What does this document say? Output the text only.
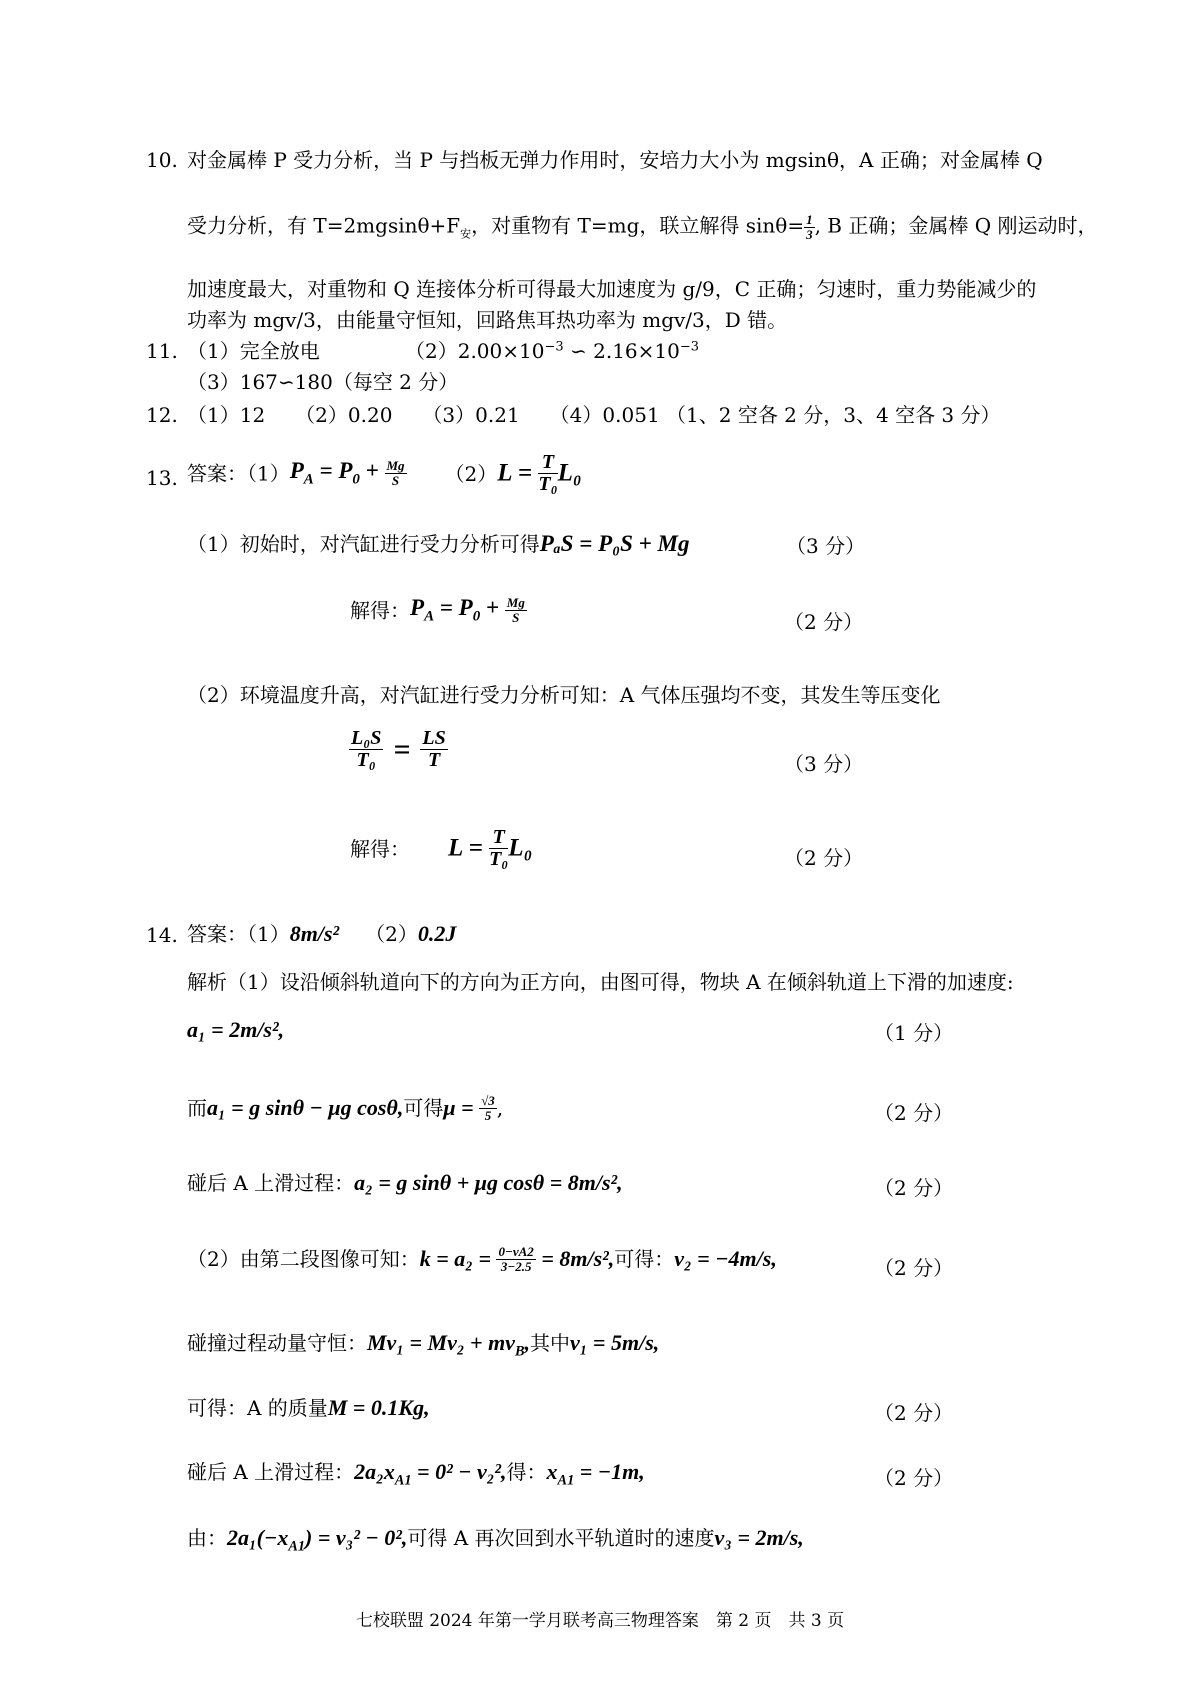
10. 对金属棒 P 受力分析，当 P 与挡板无弹力作用时，安培力大小为 mgsinθ，A 正确；对金属棒 Q
受力分析，有 $T=2mgsin\theta+F_安$，对重物有 T=mg，联立解得 $\sin\theta= \frac{1}{3}$ , B 正确；金属棒 Q 刚运动时，
加速度最大，对重物和 Q 连接体分析可得最大加速度为 g/9，C 正确；匀速时，重力势能减少的
功率为 mgv/3，由能量守恒知，回路焦耳热功率为 mgv/3，D 错。
11. （1）完全放电	$(2)2.00\times 10^{-3}$ ∽ $2.16\times 10^{-3}$
（3）167∽180（每空 2 分）
12. （1）12　　（2）0.20　　（3）0.21　　（4）0.051 （1、2 空各 2 分，3、4 空各 3 分）
13. 答案：$(1)P_A = P_0 + \frac{Mg}{S} (2)L = \frac{T}{\text{T₀}} L_0$
（1）初始时，对汽缸进行受力分析可得PₐS = P₀S + Mg	（3 分）
解得：$P_A = P_0 + \frac{Mg}{S}$	（2 分）
（2）环境温度升高，对汽缸进行受力分析可知：A 气体压强均不变，其发生等压变化
$\frac{\text{L₀S}}{\text{T₀}} = \frac{LS}{T}$	（3 分）
解得： $L = \frac{T}{\text{T₀}} L_0$	（2 分）
14. 答案：（1）8m/s² （2）0.2J
解析（1）设沿倾斜轨道向下的方向为正方向，由图可得，物块 A 在倾斜轨道上下滑的加速度:
a₁ = 2m/s²,	（1 分）
而a₁ = g sinθ − μg cosθ,可得$\mu = \frac{√3}{5}$ ,	（2 分）
碰后 A 上滑过程：a₂ = g sinθ + μg cosθ = 8m/s²,	（2 分）
（2）由第二段图像可知：$k = a_2 = \frac{0-vA2}{3-2.5} = 8m/s^2$,可得：v₂ = −4m/s,	（2 分）
碰撞过程动量守恒：$Mv_1 = Mv_2 + mv_B$,其中v₁ = 5m/s,
可得：A 的质量M = 0.1Kg,	（2 分）
碰后 A 上滑过程：$2a_2x_{A1} = 0^2 - v_2^2$,得：$x_{A1} = -1m$,	（2 分）
由：$2a_1(-x_{A1}) = v_3^2 - 0^2$,可得 A 再次回到水平轨道时的速度v₃ = 2m/s,
七校联盟 2024 年第一学月联考高三物理答案　第 2 页　共 3 页
